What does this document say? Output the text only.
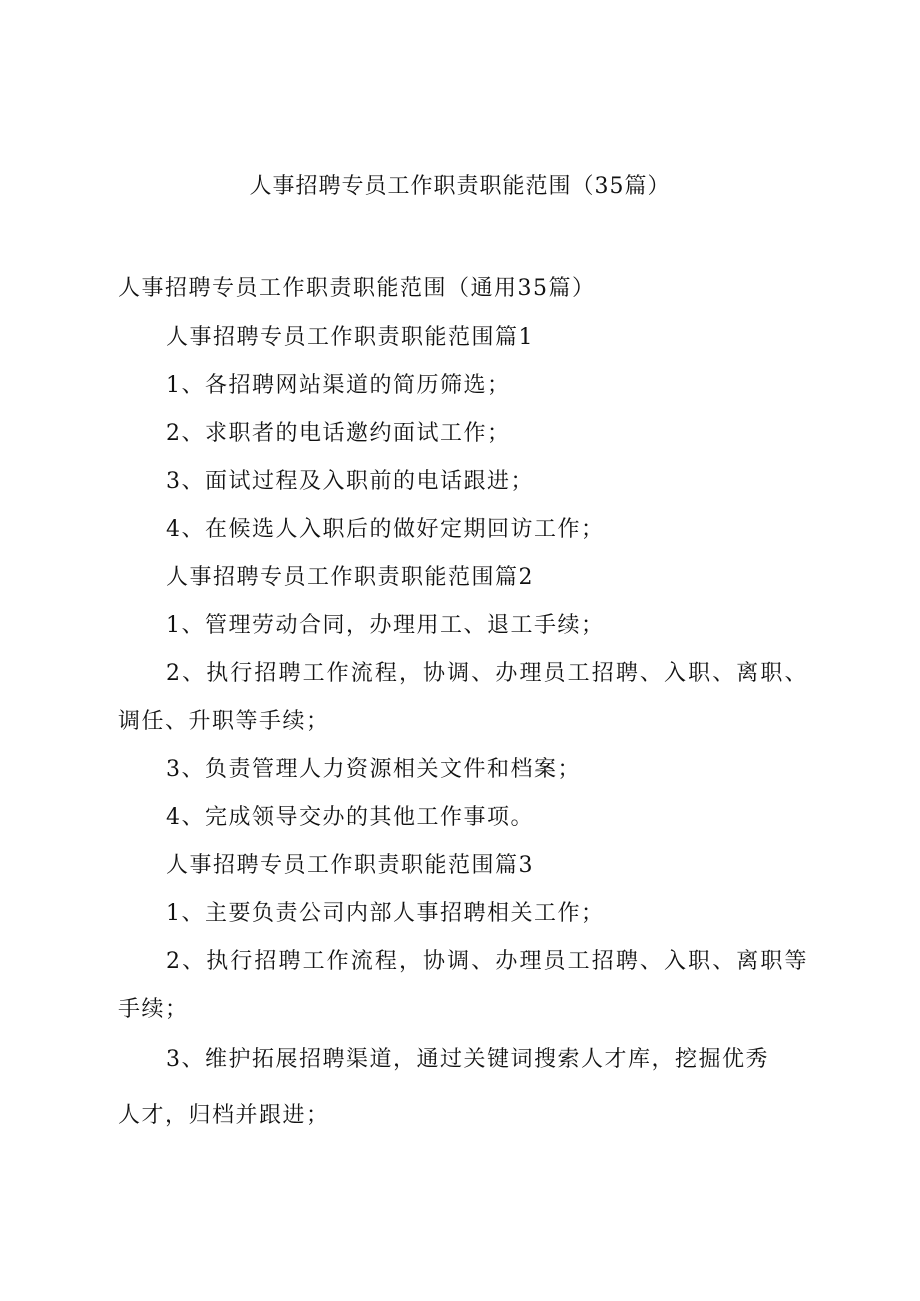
人事招聘专员工作职责职能范围（35篇）
人事招聘专员工作职责职能范围（通用35篇）
人事招聘专员工作职责职能范围篇1
1、各招聘网站渠道的简历筛选；
2、求职者的电话邀约面试工作；
3、面试过程及入职前的电话跟进；
4、在候选人入职后的做好定期回访工作；
人事招聘专员工作职责职能范围篇2
1、管理劳动合同，办理用工、退工手续；
2、执行招聘工作流程，协调、办理员工招聘、入职、离职、调任、升职等手续；
3、负责管理人力资源相关文件和档案；
4、完成领导交办的其他工作事项。
人事招聘专员工作职责职能范围篇3
1、主要负责公司内部人事招聘相关工作；
2、执行招聘工作流程，协调、办理员工招聘、入职、离职等手续；
3、维护拓展招聘渠道，通过关键词搜索人才库，挖掘优秀
人才，归档并跟进；
